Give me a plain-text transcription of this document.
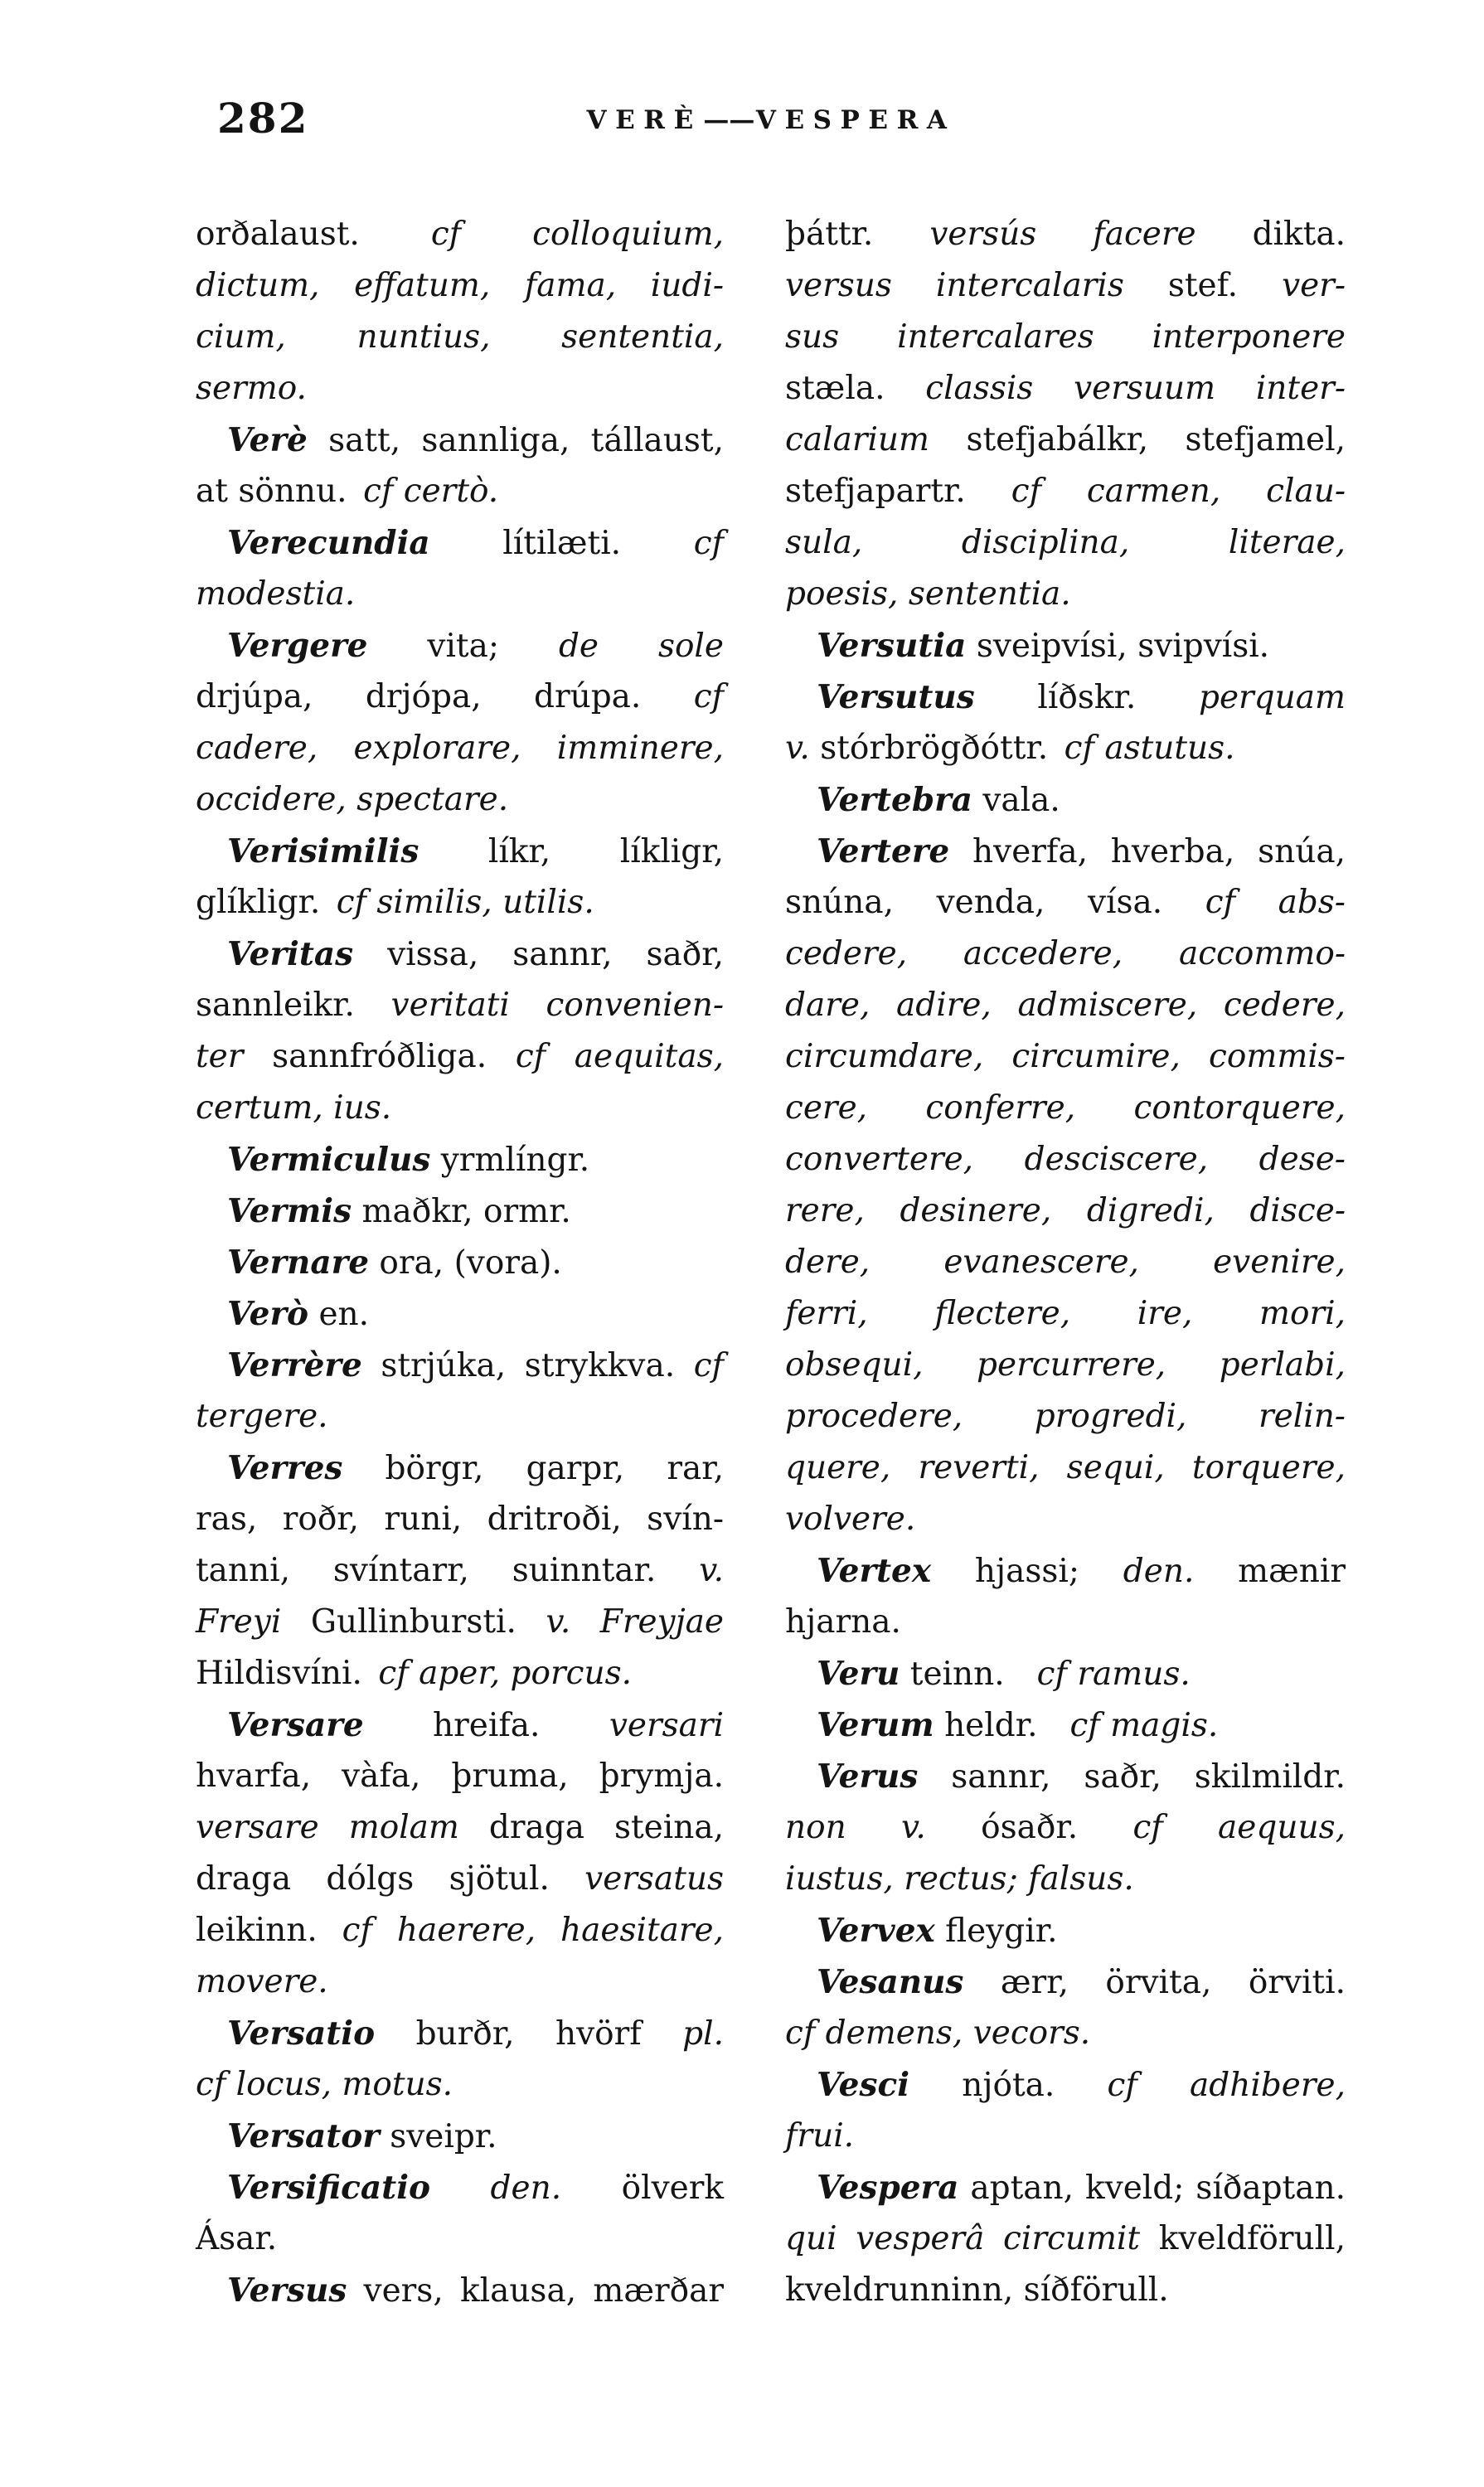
282	VERÈ——VESPERA
orðalaust. cf colloquium,
dictum, effatum, fama, iudi-
cium, nuntius, sententia,
sermo.
Verè satt, sannliga, tállaust,
at sönnu. cf certò.
Verecundia lítilæti. cf
modestia.
Vergere vita; de sole
drjúpa, drjópa, drúpa. cf
cadere, explorare, imminere,
occidere, spectare.
Verisimilis líkr, líkligr,
glíkligr. cf similis, utilis.
Veritas vissa, sannr, saðr,
sannleikr. veritati convenien-
ter sannfróðliga. cf aequitas,
certum, ius.
Vermiculus yrmlíngr.
Vermis maðkr, ormr.
Vernare ora, (vora).
Verò en.
Verrère strjúka, strykkva. cf
tergere.
Verres börgr, garpr, rar,
ras, roðr, runi, dritroði, svín-
tanni, svíntarr, suinntar. v.
Freyi Gullinbursti. v. Freyjae
Hildisvíni. cf aper, porcus.
Versare hreifa. versari
hvarfa, vàfa, þruma, þrymja.
versare molam draga steina,
draga dólgs sjötul. versatus
leikinn. cf haerere, haesitare,
movere.
Versatio burðr, hvörf pl.
cf locus, motus.
Versator sveipr.
Versificatio den. ölverk
Ásar.
Versus vers, klausa, mærðar
þáttr. versús facere dikta.
versus intercalaris stef. ver-
sus intercalares interponere
stæla. classis versuum inter-
calarium stefjabálkr, stefjamel,
stefjapartr. cf carmen, clau-
sula, disciplina, literae,
poesis, sententia.
Versutia sveipvísi, svipvísi.
Versutus líðskr. perquam
v. stórbrögðóttr. cf astutus.
Vertebra vala.
Vertere hverfa, hverba, snúa,
snúna, venda, vísa. cf abs-
cedere, accedere, accommo-
dare, adire, admiscere, cedere,
circumdare, circumire, commis-
cere, conferre, contorquere,
convertere, desciscere, dese-
rere, desinere, digredi, disce-
dere, evanescere, evenire,
ferri, flectere, ire, mori,
obsequi, percurrere, perlabi,
procedere, progredi, relin-
quere, reverti, sequi, torquere,
volvere.
Vertex hjassi; den. mænir
hjarna.
Veru teinn. cf ramus.
Verum heldr. cf magis.
Verus sannr, saðr, skilmildr.
non v. ósaðr. cf aequus,
iustus, rectus; falsus.
Vervex fleygir.
Vesanus ærr, örvita, örviti.
cf demens, vecors.
Vesci njóta. cf adhibere,
frui.
Vespera aptan, kveld; síðaptan.
qui vesperâ circumit kveldförull,
kveldrunninn, síðförull.
